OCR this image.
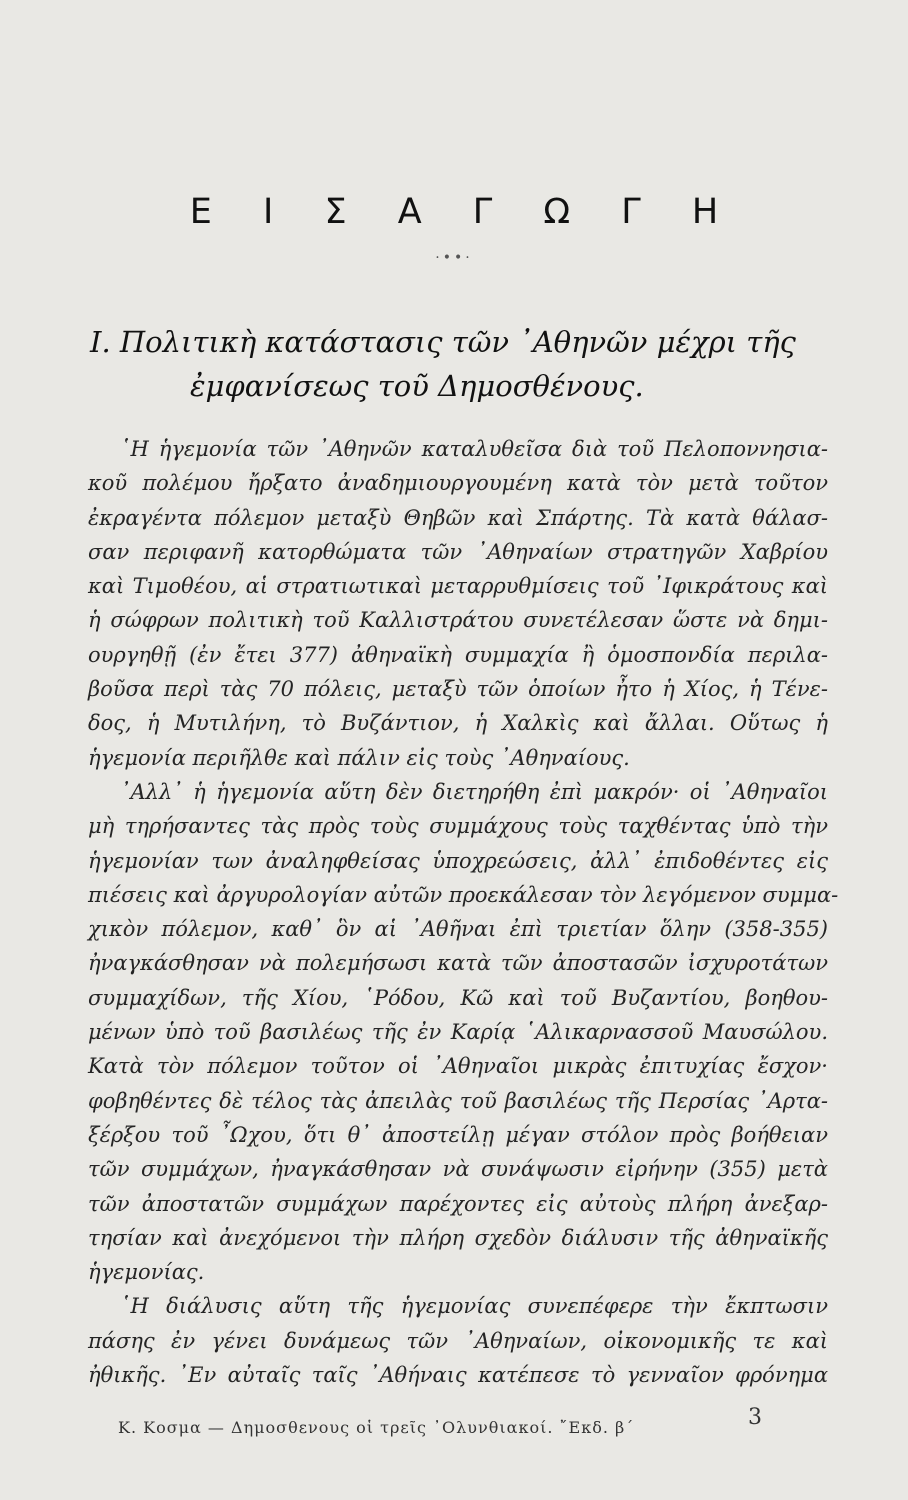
Ε Ι Σ Α Γ Ω Γ Η
·••·
I. Πολιτικὴ κατάστασις τῶν ᾿Αθηνῶν μέχρι τῆς
ἐμφανίσεως τοῦ Δημοσθένους.
῾Η ἡγεμονία τῶν ᾿Αθηνῶν καταλυθεῖσα διὰ τοῦ Πελοποννησια-
κοῦ πολέμου ἤρξατο ἀναδημιουργουμένη κατὰ τὸν μετὰ τοῦτον
ἐκραγέντα πόλεμον μεταξὺ Θηβῶν καὶ Σπάρτης. Τὰ κατὰ θάλασ-
σαν περιφανῆ κατορθώματα τῶν ᾿Αθηναίων στρατηγῶν Χαβρίου
καὶ Τιμοθέου, αἱ στρατιωτικαὶ μεταρρυθμίσεις τοῦ ᾿Ιφικράτους καὶ
ἡ σώφρων πολιτικὴ τοῦ Καλλιστράτου συνετέλεσαν ὥστε νὰ δημι-
ουργηθῇ (ἐν ἔτει 377) ἀθηναϊκὴ συμμαχία ἢ ὁμοσπονδία περιλα-
βοῦσα περὶ τὰς 70 πόλεις, μεταξὺ τῶν ὁποίων ἦτο ἡ Χίος, ἡ Τένε-
δος, ἡ Μυτιλήνη, τὸ Βυζάντιον, ἡ Χαλκὶς καὶ ἄλλαι. Οὕτως ἡ
ἡγεμονία περιῆλθε καὶ πάλιν εἰς τοὺς ᾿Αθηναίους.
᾿Αλλ᾿ ἡ ἡγεμονία αὕτη δὲν διετηρήθη ἐπὶ μακρόν· οἱ ᾿Αθηναῖοι
μὴ τηρήσαντες τὰς πρὸς τοὺς συμμάχους τοὺς ταχθέντας ὑπὸ τὴν
ἡγεμονίαν των ἀναληφθείσας ὑποχρεώσεις, ἀλλ᾿ ἐπιδοθέντες εἰς
πιέσεις καὶ ἀργυρολογίαν αὐτῶν προεκάλεσαν τὸν λεγόμενον συμμα-
χικὸν πόλεμον, καθ᾿ ὃν αἱ ᾿Αθῆναι ἐπὶ τριετίαν ὅλην (358-355)
ἠναγκάσθησαν νὰ πολεμήσωσι κατὰ τῶν ἀποστασῶν ἰσχυροτάτων
συμμαχίδων, τῆς Χίου, ῾Ρόδου, Κῶ καὶ τοῦ Βυζαντίου, βοηθου-
μένων ὑπὸ τοῦ βασιλέως τῆς ἐν Καρίᾳ ῾Αλικαρνασσοῦ Μαυσώλου.
Κατὰ τὸν πόλεμον τοῦτον οἱ ᾿Αθηναῖοι μικρὰς ἐπιτυχίας ἔσχον·
φοβηθέντες δὲ τέλος τὰς ἀπειλὰς τοῦ βασιλέως τῆς Περσίας ᾿Αρτα-
ξέρξου τοῦ ῏Ωχου, ὅτι θ᾿ ἀποστείλῃ μέγαν στόλον πρὸς βοήθειαν
τῶν συμμάχων, ἠναγκάσθησαν νὰ συνάψωσιν εἰρήνην (355) μετὰ
τῶν ἀποστατῶν συμμάχων παρέχοντες εἰς αὐτοὺς πλήρη ἀνεξαρ-
τησίαν καὶ ἀνεχόμενοι τὴν πλήρη σχεδὸν διάλυσιν τῆς ἀθηναϊκῆς
ἡγεμονίας.
῾Η διάλυσις αὕτη τῆς ἡγεμονίας συνεπέφερε τὴν ἔκπτωσιν
πάσης ἐν γένει δυνάμεως τῶν ᾿Αθηναίων, οἰκονομικῆς τε καὶ
ἠθικῆς. ᾿Εν αὐταῖς ταῖς ᾿Αθήναις κατέπεσε τὸ γενναῖον φρόνημα
Κ. Κοσμα — Δημοσθενους οἱ τρεῖς ᾿Ολυνθιακοί. ῎Εκδ. β΄	3
